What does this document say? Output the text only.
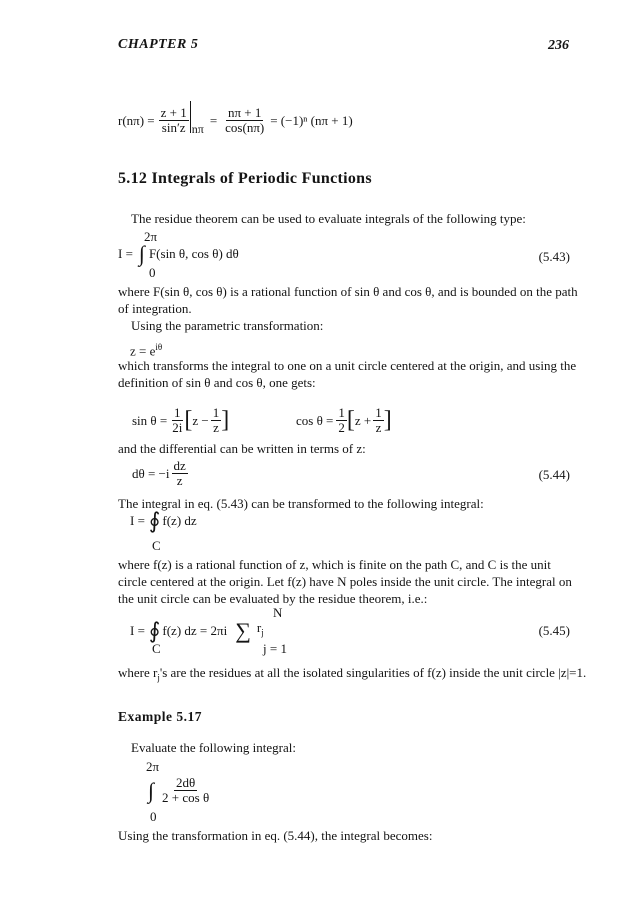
CHAPTER 5	236
$r(n\pi) = \frac{z + 1}{\sin'z}$ nπ
= $\frac{n\pi + 1}{\cos(n\pi)} = (-1)^n$ (nπ + 1)
5.12 Integrals of Periodic Functions
The residue theorem can be used to evaluate integrals of the following type:
2π
I = ∫ F(sin θ, cos θ) dθ
0
(5.43)
where F(sin θ, cos θ) is a rational function of sin θ and cos θ, and is bounded on the path of integration.
Using the parametric transformation:
$z = e^{i\theta}$
which transforms the integral to one on a unit circle centered at the origin, and using the definition of sin θ and cos θ, one gets:
$\sin \theta = \frac{1}{2i}$ [ $z - \frac{1}{z}$ ]	$\cos \theta = \frac{1}{2}$ [ $z + \frac{1}{z}$ ]
and the differential can be written in terms of z:
$d\theta = -i \frac{dz}{z}$	(5.44)
The integral in eq. (5.43) can be transformed to the following integral:
I = ∮ f(z) dz
C
where f(z) is a rational function of z, which is finite on the path C, and C is the unit circle centered at the origin. Let f(z) have N poles inside the unit circle. The integral on the unit circle can be evaluated by the residue theorem, i.e.:
N
I = ∮ f(z) dz = 2πi ∑ $r_j$
C	j = 1
(5.45)
where $r_j's$ are the residues at all the isolated singularities of f(z) inside the unit circle |z|=1.
Example 5.17
Evaluate the following integral:
2π
∫ $\frac{2d\theta}{\text{2 + cos θ}}$
0
Using the transformation in eq. (5.44), the integral becomes:
